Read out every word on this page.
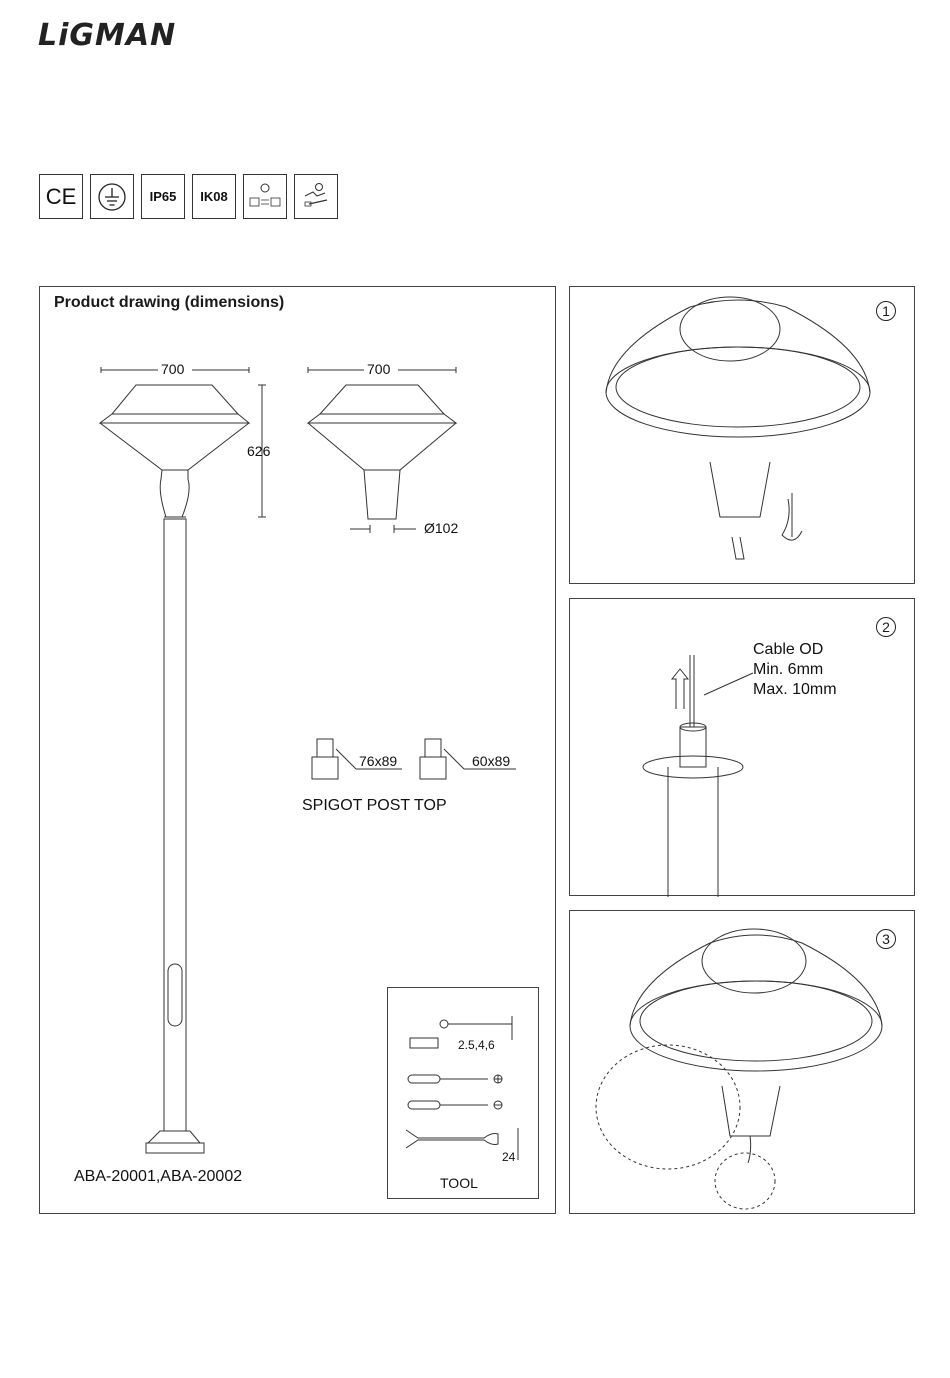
LiGMAN
CE	IP65 IK08
Product drawing (dimensions)
700	700
626
Ø102
76x89	60x89
SPIGOT POST TOP
ABA-20001,ABA-20002
2.5,4,6
24
TOOL
1
2
Cable OD
Min. 6mm
Max. 10mm
3
